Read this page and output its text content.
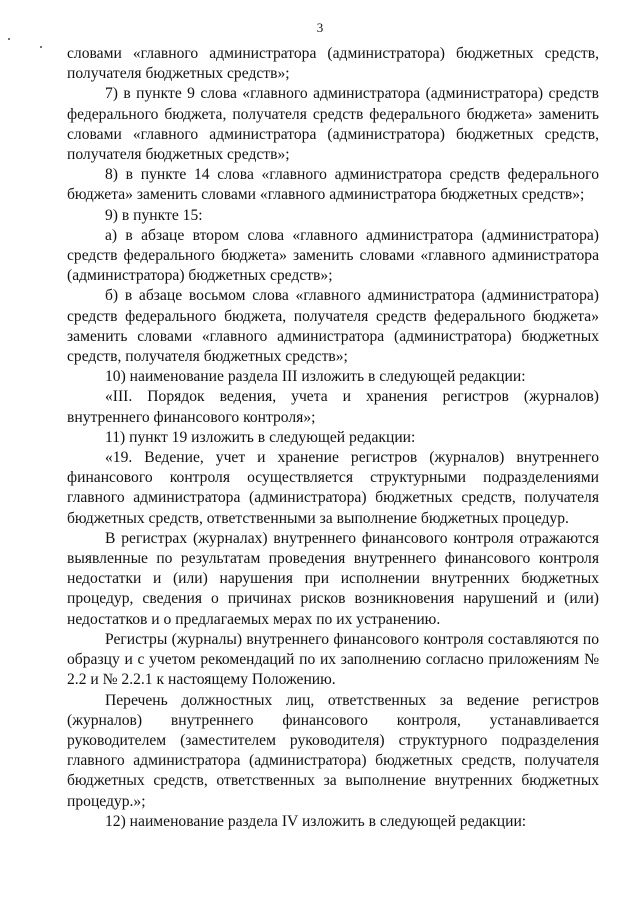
3

словами «главного администратора (администратора) бюджетных средств, получателя бюджетных средств»;

7) в пункте 9 слова «главного администратора (администратора) средств федерального бюджета, получателя средств федерального бюджета» заменить словами «главного администратора (администратора) бюджетных средств, получателя бюджетных средств»;

8) в пункте 14 слова «главного администратора средств федерального бюджета» заменить словами «главного администратора бюджетных средств»;

9) в пункте 15:

а) в абзаце втором слова «главного администратора (администратора) средств федерального бюджета» заменить словами «главного администратора (администратора) бюджетных средств»;

б) в абзаце восьмом слова «главного администратора (администратора) средств федерального бюджета, получателя средств федерального бюджета» заменить словами «главного администратора (администратора) бюджетных средств, получателя бюджетных средств»;

10) наименование раздела III изложить в следующей редакции:

«III. Порядок ведения, учета и хранения регистров (журналов) внутреннего финансового контроля»;

11) пункт 19 изложить в следующей редакции:

«19. Ведение, учет и хранение регистров (журналов) внутреннего финансового контроля осуществляется структурными подразделениями главного администратора (администратора) бюджетных средств, получателя бюджетных средств, ответственными за выполнение бюджетных процедур.

В регистрах (журналах) внутреннего финансового контроля отражаются выявленные по результатам проведения внутреннего финансового контроля недостатки и (или) нарушения при исполнении внутренних бюджетных процедур, сведения о причинах рисков возникновения нарушений и (или) недостатков и о предлагаемых мерах по их устранению.

Регистры (журналы) внутреннего финансового контроля составляются по образцу и с учетом рекомендаций по их заполнению согласно приложениям № 2.2 и № 2.2.1 к настоящему Положению.

Перечень должностных лиц, ответственных за ведение регистров (журналов) внутреннего финансового контроля, устанавливается руководителем (заместителем руководителя) структурного подразделения главного администратора (администратора) бюджетных средств, получателя бюджетных средств, ответственных за выполнение внутренних бюджетных процедур.»;

12) наименование раздела IV изложить в следующей редакции:
